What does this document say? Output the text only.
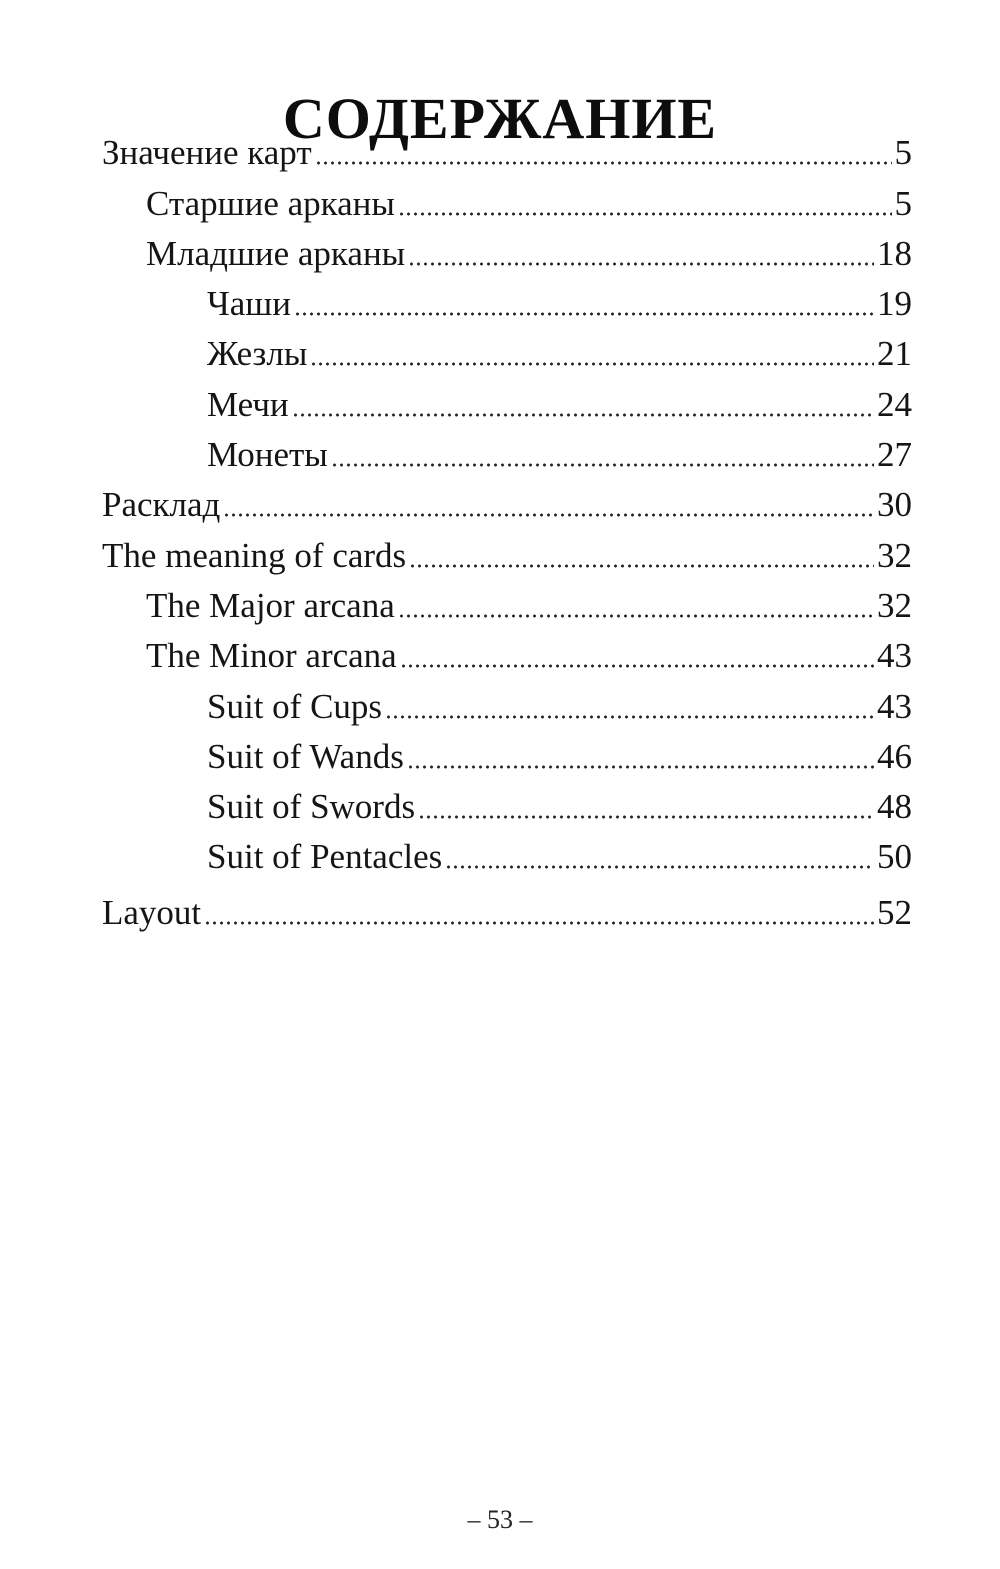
СОДЕРЖАНИЕ
Значение карт	5
Старшие арканы	5
Младшие арканы	18
Чаши	19
Жезлы	21
Мечи	24
Монеты	27
Расклад	30
The meaning of cards	32
The Major arcana	32
The Minor arcana	43
Suit of Cups	43
Suit of Wands	46
Suit of Swords	48
Suit of Pentacles	50
Layout	52
– 53 –
